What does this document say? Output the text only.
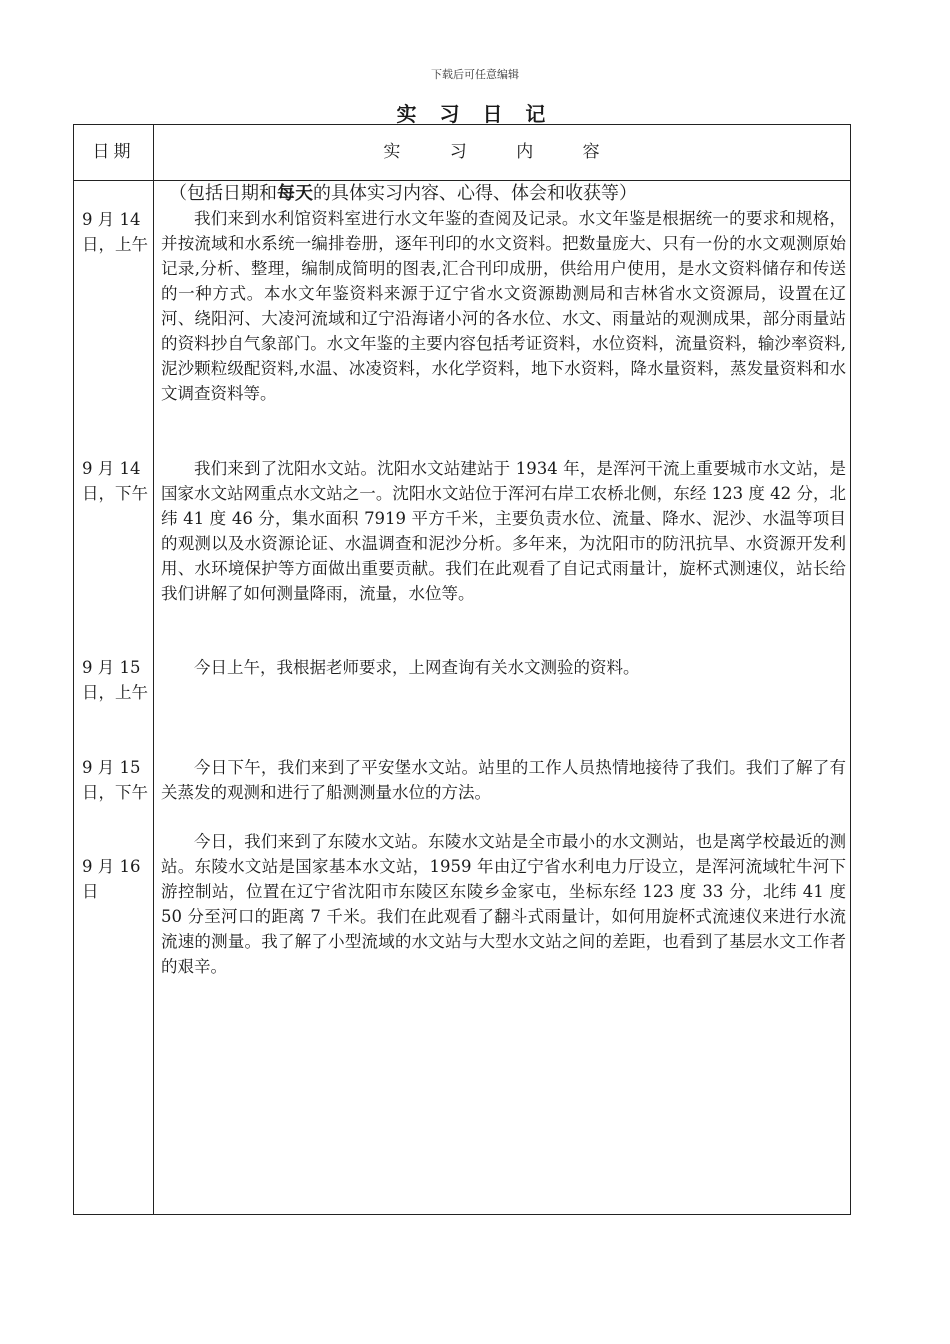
下载后可任意编辑
实 习 日 记
日期	实 习 内 容
（包括日期和每天的具体实习内容、心得、体会和收获等）
9 月 14 日，上午

我们来到水利馆资料室进行水文年鉴的查阅及记录。水文年鉴是根据统一的要求和规格，并按流域和水系统一编排卷册，逐年刊印的水文资料。把数量庞大、只有一份的水文观测原始记录,分析、整理，编制成简明的图表,汇合刊印成册，供给用户使用，是水文资料储存和传送的一种方式。本水文年鉴资料来源于辽宁省水文资源勘测局和吉林省水文资源局，设置在辽河、绕阳河、大凌河流域和辽宁沿海诸小河的各水位、水文、雨量站的观测成果，部分雨量站的资料抄自气象部门。水文年鉴的主要内容包括考证资料，水位资料，流量资料，输沙率资料,泥沙颗粒级配资料,水温、冰凌资料，水化学资料，地下水资料，降水量资料，蒸发量资料和水文调查资料等。

9 月 14 日，下午

我们来到了沈阳水文站。沈阳水文站建站于 1934 年，是浑河干流上重要城市水文站，是国家水文站网重点水文站之一。沈阳水文站位于浑河右岸工农桥北侧，东经 123 度 42 分，北纬 41 度 46 分，集水面积 7919 平方千米，主要负责水位、流量、降水、泥沙、水温等项目的观测以及水资源论证、水温调查和泥沙分析。多年来，为沈阳市的防汛抗旱、水资源开发利用、水环境保护等方面做出重要贡献。我们在此观看了自记式雨量计，旋杯式测速仪，站长给我们讲解了如何测量降雨，流量，水位等。

9 月 15 日，上午

今日上午，我根据老师要求，上网查询有关水文测验的资料。

9 月 15 日，下午

今日下午，我们来到了平安堡水文站。站里的工作人员热情地接待了我们。我们了解了有关蒸发的观测和进行了船测测量水位的方法。

9 月 16 日

今日，我们来到了东陵水文站。东陵水文站是全市最小的水文测站，也是离学校最近的测站。东陵水文站是国家基本水文站，1959 年由辽宁省水利电力厅设立，是浑河流域牤牛河下游控制站，位置在辽宁省沈阳市东陵区东陵乡金家屯，坐标东经 123 度 33 分，北纬 41 度 50 分至河口的距离 7 千米。我们在此观看了翻斗式雨量计，如何用旋杯式流速仪来进行水流流速的测量。我了解了小型流域的水文站与大型水文站之间的差距，也看到了基层水文工作者的艰辛。
